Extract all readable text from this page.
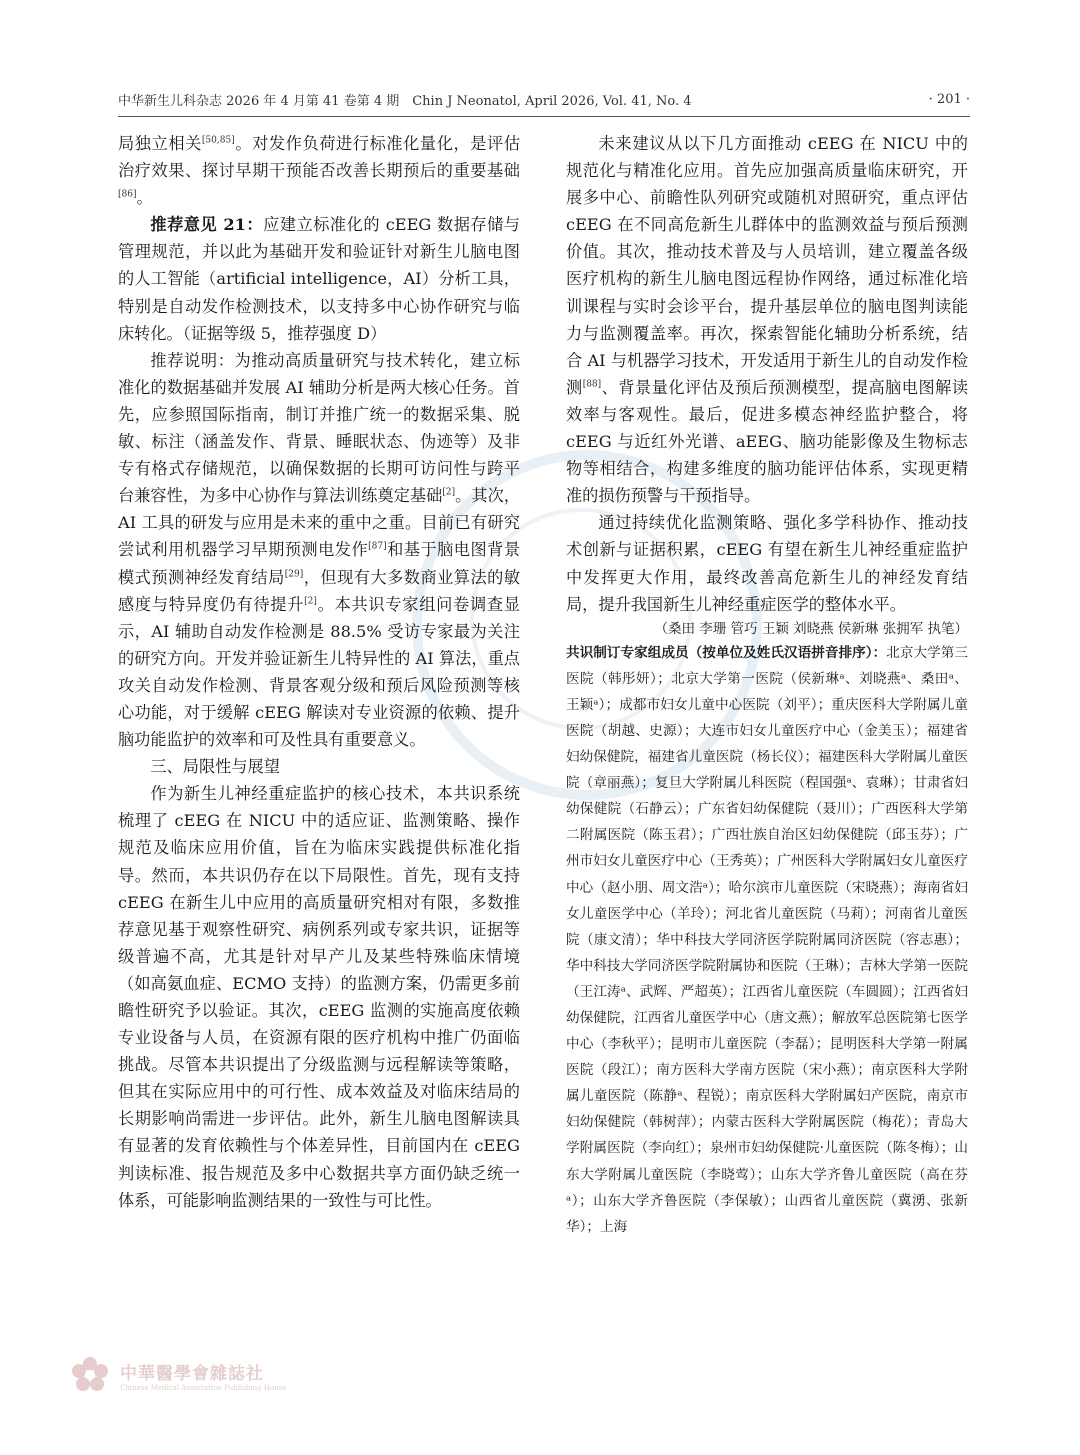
中华新生儿科杂志 2026 年 4 月第 41 卷第 4 期　Chin J Neonatol, April 2026, Vol. 41, No. 4	· 201 ·

局独立相关[50,85]。对发作负荷进行标准化量化，是评估治疗效果、探讨早期干预能否改善长期预后的重要基础[86]。

推荐意见 21：应建立标准化的 cEEG 数据存储与管理规范，并以此为基础开发和验证针对新生儿脑电图的人工智能（artificial intelligence，AI）分析工具，特别是自动发作检测技术，以支持多中心协作研究与临床转化。（证据等级 5，推荐强度 D）

推荐说明：为推动高质量研究与技术转化，建立标准化的数据基础并发展 AI 辅助分析是两大核心任务。首先，应参照国际指南，制订并推广统一的数据采集、脱敏、标注（涵盖发作、背景、睡眠状态、伪迹等）及非专有格式存储规范，以确保数据的长期可访问性与跨平台兼容性，为多中心协作与算法训练奠定基础[2]。其次，AI 工具的研发与应用是未来的重中之重。目前已有研究尝试利用机器学习早期预测电发作[87]和基于脑电图背景模式预测神经发育结局[29]，但现有大多数商业算法的敏感度与特异度仍有待提升[2]。本共识专家组问卷调查显示，AI 辅助自动发作检测是 88.5% 受访专家最为关注的研究方向。开发并验证新生儿特异性的 AI 算法，重点攻关自动发作检测、背景客观分级和预后风险预测等核心功能，对于缓解 cEEG 解读对专业资源的依赖、提升脑功能监护的效率和可及性具有重要意义。

三、局限性与展望

作为新生儿神经重症监护的核心技术，本共识系统梳理了 cEEG 在 NICU 中的适应证、监测策略、操作规范及临床应用价值，旨在为临床实践提供标准化指导。然而，本共识仍存在以下局限性。首先，现有支持 cEEG 在新生儿中应用的高质量研究相对有限，多数推荐意见基于观察性研究、病例系列或专家共识，证据等级普遍不高，尤其是针对早产儿及某些特殊临床情境（如高氨血症、ECMO 支持）的监测方案，仍需更多前瞻性研究予以验证。其次，cEEG 监测的实施高度依赖专业设备与人员，在资源有限的医疗机构中推广仍面临挑战。尽管本共识提出了分级监测与远程解读等策略，但其在实际应用中的可行性、成本效益及对临床结局的长期影响尚需进一步评估。此外，新生儿脑电图解读具有显著的发育依赖性与个体差异性，目前国内在 cEEG 判读标准、报告规范及多中心数据共享方面仍缺乏统一体系，可能影响监测结果的一致性与可比性。

未来建议从以下几方面推动 cEEG 在 NICU 中的规范化与精准化应用。首先应加强高质量临床研究，开展多中心、前瞻性队列研究或随机对照研究，重点评估 cEEG 在不同高危新生儿群体中的监测效益与预后预测价值。其次，推动技术普及与人员培训，建立覆盖各级医疗机构的新生儿脑电图远程协作网络，通过标准化培训课程与实时会诊平台，提升基层单位的脑电图判读能力与监测覆盖率。再次，探索智能化辅助分析系统，结合 AI 与机器学习技术，开发适用于新生儿的自动发作检测[88]、背景量化评估及预后预测模型，提高脑电图解读效率与客观性。最后，促进多模态神经监护整合，将 cEEG 与近红外光谱、aEEG、脑功能影像及生物标志物等相结合，构建多维度的脑功能评估体系，实现更精准的损伤预警与干预指导。

通过持续优化监测策略、强化多学科协作、推动技术创新与证据积累，cEEG 有望在新生儿神经重症监护中发挥更大作用，最终改善高危新生儿的神经发育结局，提升我国新生儿神经重症医学的整体水平。

（桑田 李珊 管巧 王颖 刘晓燕 侯新琳 张拥军 执笔）

共识制订专家组成员（按单位及姓氏汉语拼音排序）：北京大学第三医院（韩彤妍）；北京大学第一医院（侯新琳ᵃ、刘晓燕ᵃ、桑田ᵃ、王颖ᵃ）；成都市妇女儿童中心医院（刘平）；重庆医科大学附属儿童医院（胡越、史源）；大连市妇女儿童医疗中心（金美玉）；福建省妇幼保健院，福建省儿童医院（杨长仪）；福建医科大学附属儿童医院（章丽燕）；复旦大学附属儿科医院（程国强ᵃ、袁琳）；甘肃省妇幼保健院（石静云）；广东省妇幼保健院（聂川）；广西医科大学第二附属医院（陈玉君）；广西壮族自治区妇幼保健院（邱玉芬）；广州市妇女儿童医疗中心（王秀英）；广州医科大学附属妇女儿童医疗中心（赵小朋、周文浩ᵃ）；哈尔滨市儿童医院（宋晓燕）；海南省妇女儿童医学中心（羊玲）；河北省儿童医院（马莉）；河南省儿童医院（康文清）；华中科技大学同济医学院附属同济医院（容志惠）；华中科技大学同济医学院附属协和医院（王琳）；吉林大学第一医院（王江涛ᵃ、武辉、严超英）；江西省儿童医院（车圆圆）；江西省妇幼保健院，江西省儿童医学中心（唐文燕）；解放军总医院第七医学中心（李秋平）；昆明市儿童医院（李磊）；昆明医科大学第一附属医院（段江）；南方医科大学南方医院（宋小燕）；南京医科大学附属儿童医院（陈静ᵃ、程锐）；南京医科大学附属妇产医院，南京市妇幼保健院（韩树萍）；内蒙古医科大学附属医院（梅花）；青岛大学附属医院（李向红）；泉州市妇幼保健院·儿童医院（陈冬梅）；山东大学附属儿童医院（李晓莺）；山东大学齐鲁儿童医院（高在芬ᵃ）；山东大学齐鲁医院（李保敏）；山西省儿童医院（冀湧、张新华）；上海

中華醫學會雜誌社
Chinese Medical Association Publishing House
